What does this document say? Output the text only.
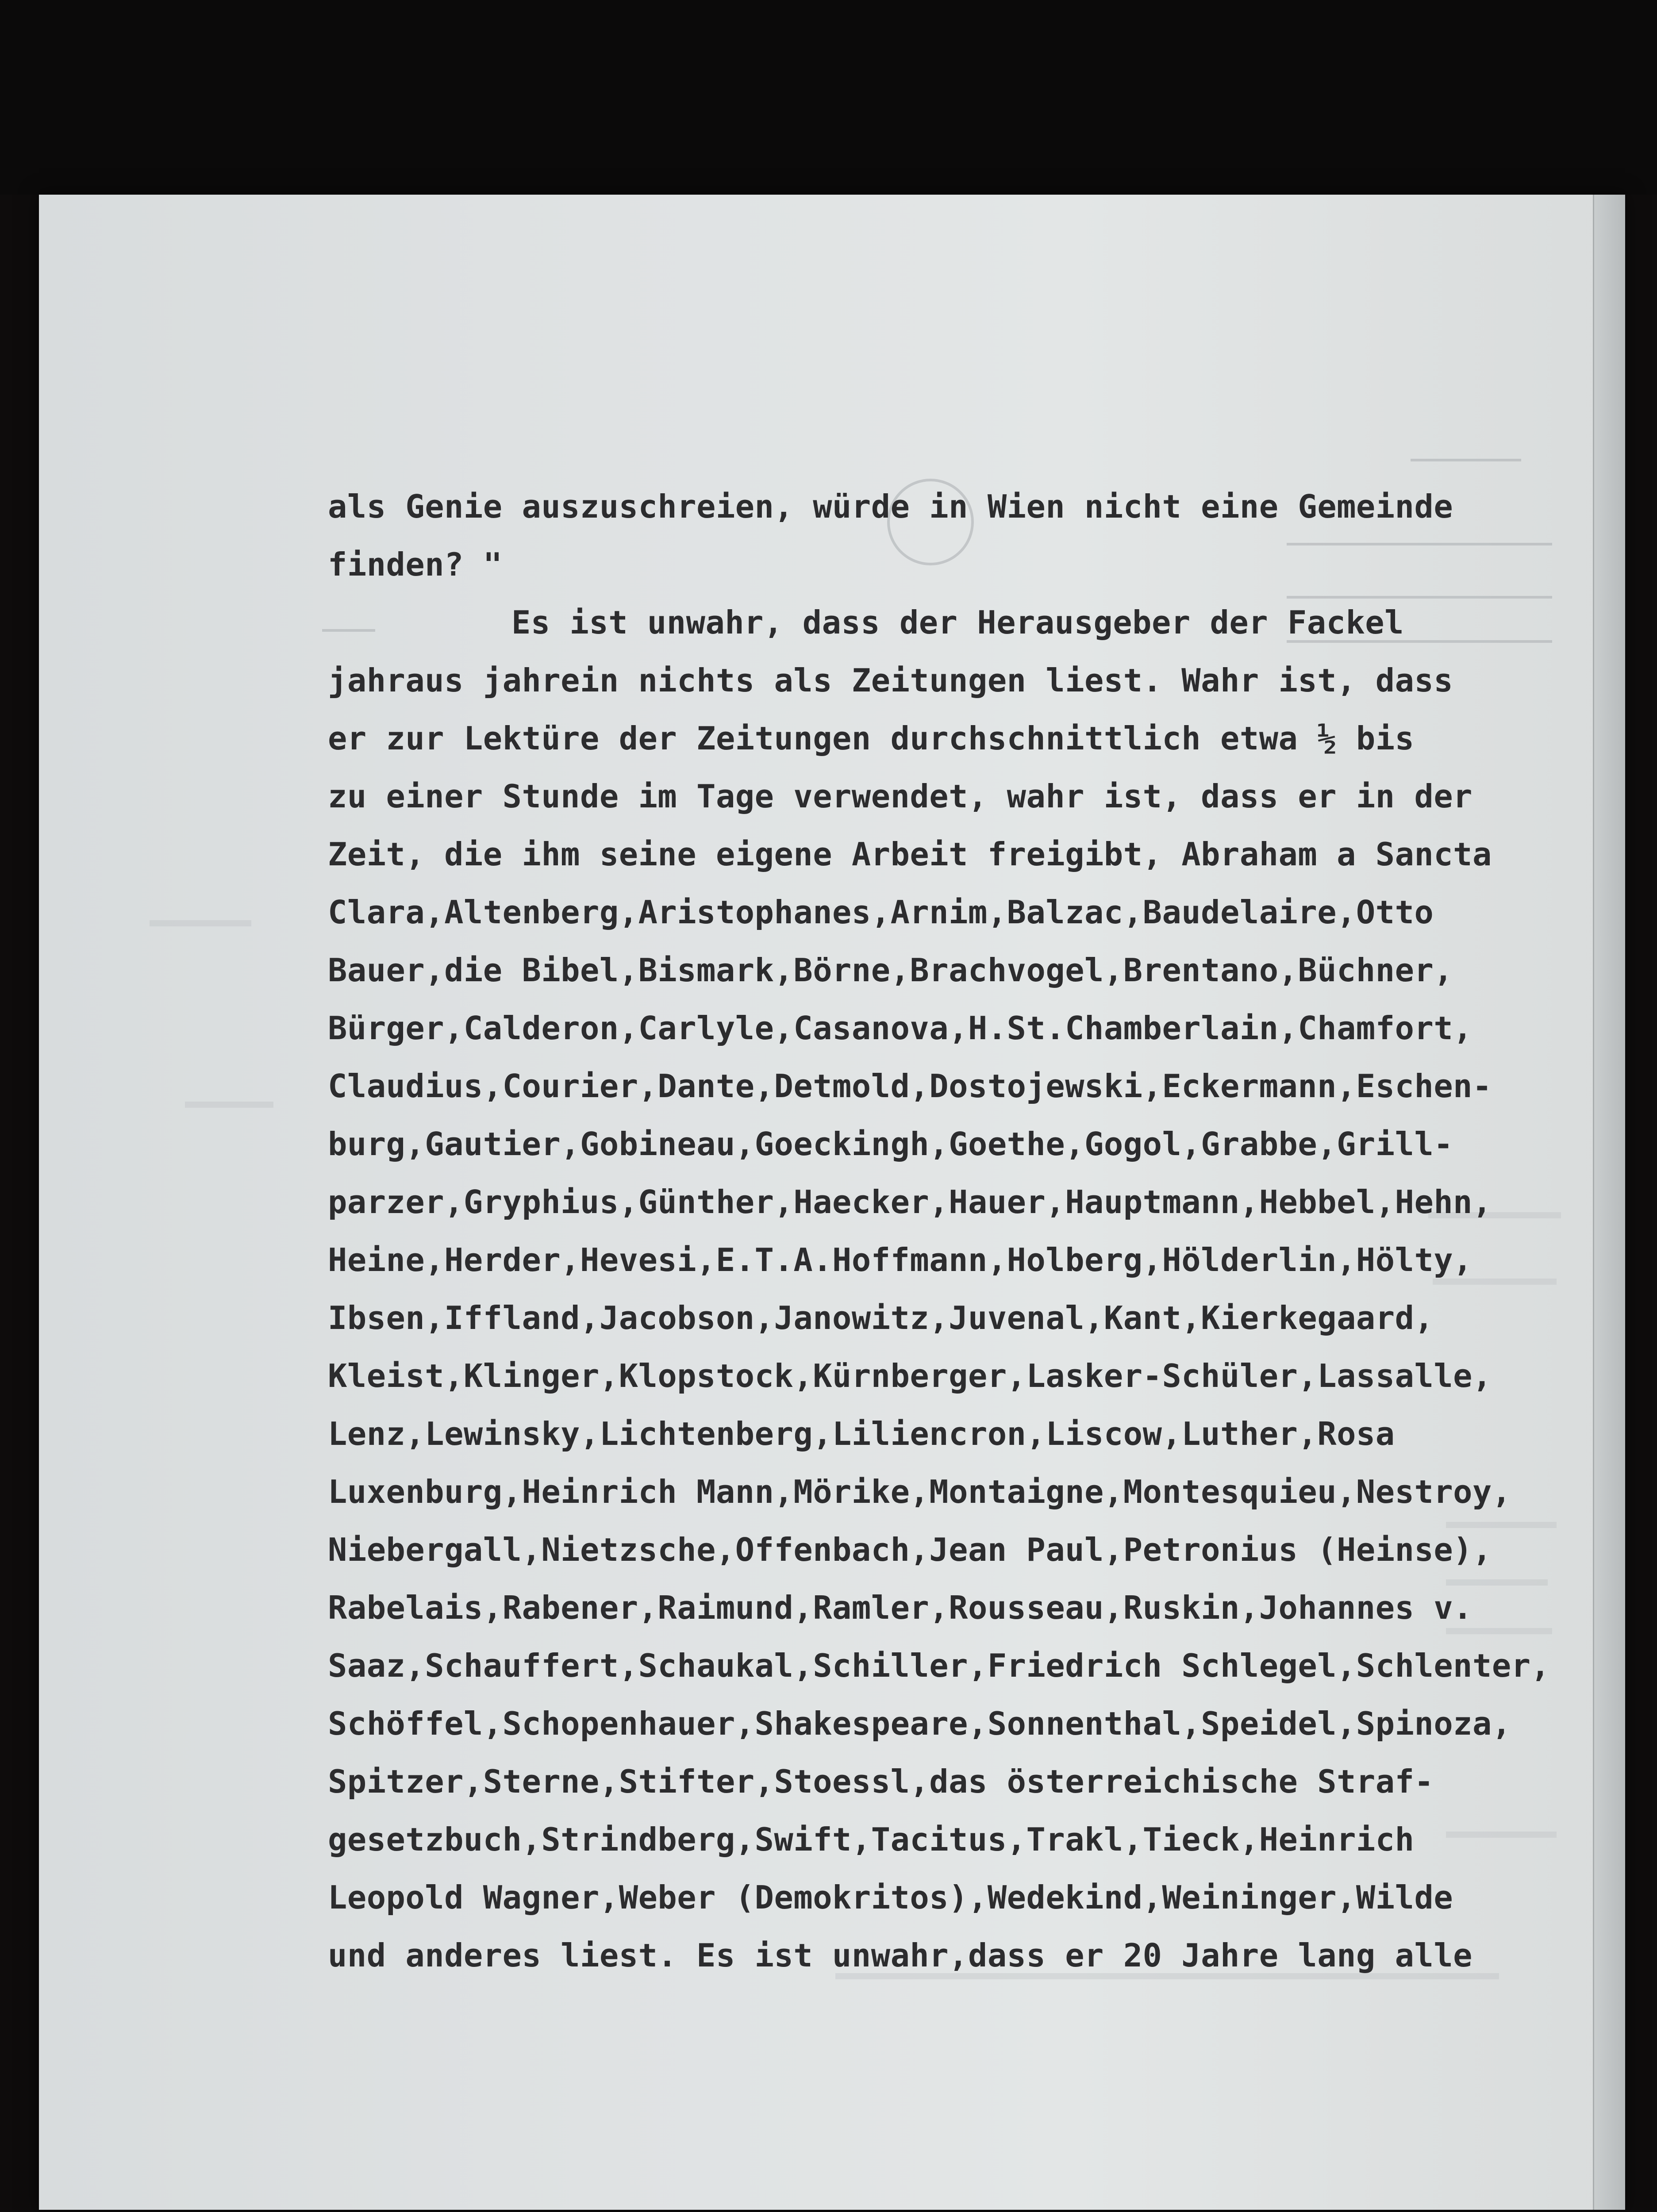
als Genie auszuschreien, würde in Wien nicht eine Gemeinde
finden? "
Es ist unwahr, dass der Herausgeber der Fackel
jahraus jahrein nichts als Zeitungen liest. Wahr ist, dass
er zur Lektüre der Zeitungen durchschnittlich etwa ½ bis
zu einer Stunde im Tage verwendet, wahr ist, dass er in der
Zeit, die ihm seine eigene Arbeit freigibt, Abraham a Sancta
Clara,Altenberg,Aristophanes,Arnim,Balzac,Baudelaire,Otto
Bauer,die Bibel,Bismark,Börne,Brachvogel,Brentano,Büchner,
Bürger,Calderon,Carlyle,Casanova,H.St.Chamberlain,Chamfort,
Claudius,Courier,Dante,Detmold,Dostojewski,Eckermann,Eschen-
burg,Gautier,Gobineau,Goeckingh,Goethe,Gogol,Grabbe,Grill-
parzer,Gryphius,Günther,Haecker,Hauer,Hauptmann,Hebbel,Hehn,
Heine,Herder,Hevesi,E.T.A.Hoffmann,Holberg,Hölderlin,Hölty,
Ibsen,Iffland,Jacobson,Janowitz,Juvenal,Kant,Kierkegaard,
Kleist,Klinger,Klopstock,Kürnberger,Lasker-Schüler,Lassalle,
Lenz,Lewinsky,Lichtenberg,Liliencron,Liscow,Luther,Rosa
Luxenburg,Heinrich Mann,Mörike,Montaigne,Montesquieu,Nestroy,
Niebergall,Nietzsche,Offenbach,Jean Paul,Petronius (Heinse),
Rabelais,Rabener,Raimund,Ramler,Rousseau,Ruskin,Johannes v.
Saaz,Schauffert,Schaukal,Schiller,Friedrich Schlegel,Schlenter,
Schöffel,Schopenhauer,Shakespeare,Sonnenthal,Speidel,Spinoza,
Spitzer,Sterne,Stifter,Stoessl,das österreichische Straf-
gesetzbuch,Strindberg,Swift,Tacitus,Trakl,Tieck,Heinrich
Leopold Wagner,Weber (Demokritos),Wedekind,Weininger,Wilde
und anderes liest. Es ist unwahr,dass er 20 Jahre lang alle
